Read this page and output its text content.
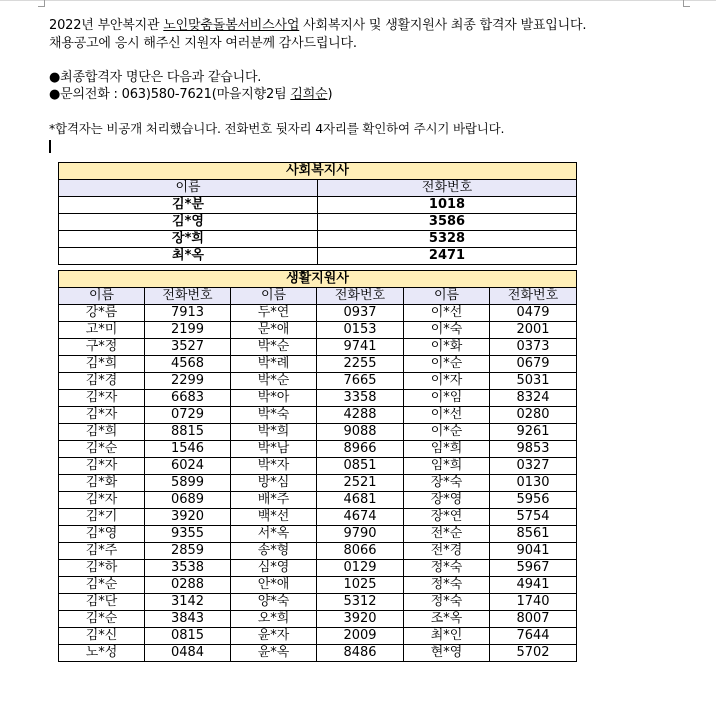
2022년 부안복지관 노인맞춤돌봄서비스사업 사회복지사 및 생활지원사 최종 합격자 발표입니다.
채용공고에 응시 해주신 지원자 여러분께 감사드립니다.
●최종합격자 명단은 다음과 같습니다.
●문의전화 : 063)580-7621(마을지향2팀 김희순)
*합격자는 비공개 처리했습니다. 전화번호 뒷자리 4자리를 확인하여 주시기 바랍니다.
사회복지사	
이름	전화번호
김*분	1018
김*영	3586
장*희	5328
최*옥	2471
생활지원사					
이름	전화번호	이름	전화번호	이름	전화번호
강*름	7913	두*연	0937	이*선	0479
고*미	2199	문*애	0153	이*숙	2001
구*정	3527	박*순	9741	이*화	0373
김*희	4568	박*례	2255	이*순	0679
김*경	2299	박*순	7665	이*자	5031
김*자	6683	박*아	3358	이*임	8324
김*자	0729	박*숙	4288	이*선	0280
김*희	8815	박*희	9088	이*순	9261
김*순	1546	박*남	8966	임*희	9853
김*자	6024	박*자	0851	임*희	0327
김*화	5899	방*심	2521	장*숙	0130
김*자	0689	배*주	4681	장*영	5956
김*기	3920	백*선	4674	장*연	5754
김*영	9355	서*옥	9790	전*순	8561
김*주	2859	송*형	8066	전*경	9041
김*하	3538	심*영	0129	정*숙	5967
김*순	0288	안*애	1025	정*숙	4941
김*단	3142	양*숙	5312	정*숙	1740
김*순	3843	오*희	3920	조*옥	8007
김*신	0815	윤*자	2009	최*인	7644
노*성	0484	윤*옥	8486	현*영	5702
